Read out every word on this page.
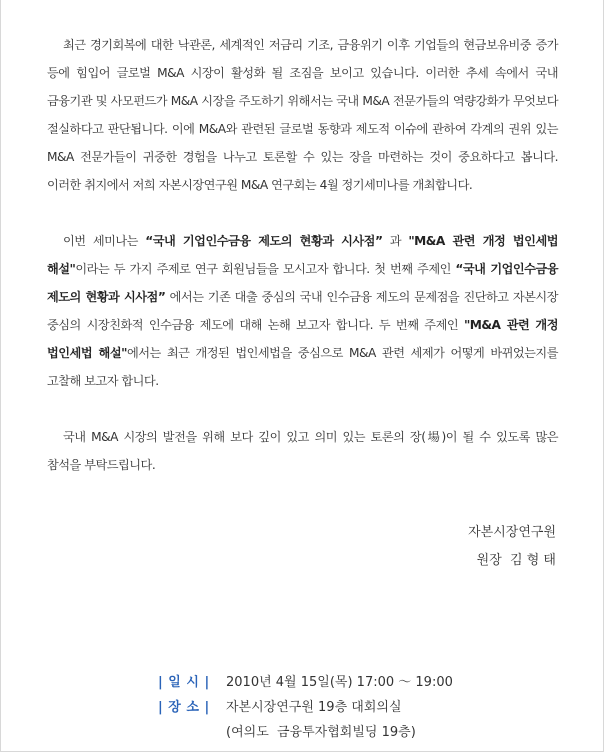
최근 경기회복에 대한 낙관론, 세계적인 저금리 기조, 금융위기 이후 기업들의 현금보유비중 증가 등에 힘입어 글로벌 M&A 시장이 활성화 될 조짐을 보이고 있습니다. 이러한 추세 속에서 국내 금융기관 및 사모펀드가 M&A 시장을 주도하기 위해서는 국내 M&A 전문가들의 역량강화가 무엇보다 절실하다고 판단됩니다. 이에 M&A와 관련된 글로벌 동향과 제도적 이슈에 관하여 각계의 권위 있는 M&A 전문가들이 귀중한 경험을 나누고 토론할 수 있는 장을 마련하는 것이 중요하다고 봅니다. 이러한 취지에서 저희 자본시장연구원 M&A 연구회는 4월 정기세미나를 개최합니다.

이번 세미나는 “국내 기업인수금융 제도의 현황과 시사점” 과 "M&A 관련 개정 법인세법 해설"이라는 두 가지 주제로 연구 회원님들을 모시고자 합니다. 첫 번째 주제인 “국내 기업인수금융 제도의 현황과 시사점” 에서는 기존 대출 중심의 국내 인수금융 제도의 문제점을 진단하고 자본시장 중심의 시장친화적 인수금융 제도에 대해 논해 보고자 합니다. 두 번째 주제인 "M&A 관련 개정 법인세법 해설"에서는 최근 개정된 법인세법을 중심으로 M&A 관련 세제가 어떻게 바뀌었는지를 고찰해 보고자 합니다.

국내 M&A 시장의 발전을 위해 보다 깊이 있고 의미 있는 토론의 장(場)이 될 수 있도록 많은 참석을 부탁드립니다.

자본시장연구원
원장  김 형 태
| 일 시 |	2010년 4월 15일(목) 17:00 ～ 19:00
| 장 소 |	자본시장연구원 19층 대회의실
(여의도  금융투자협회빌딩 19층)
